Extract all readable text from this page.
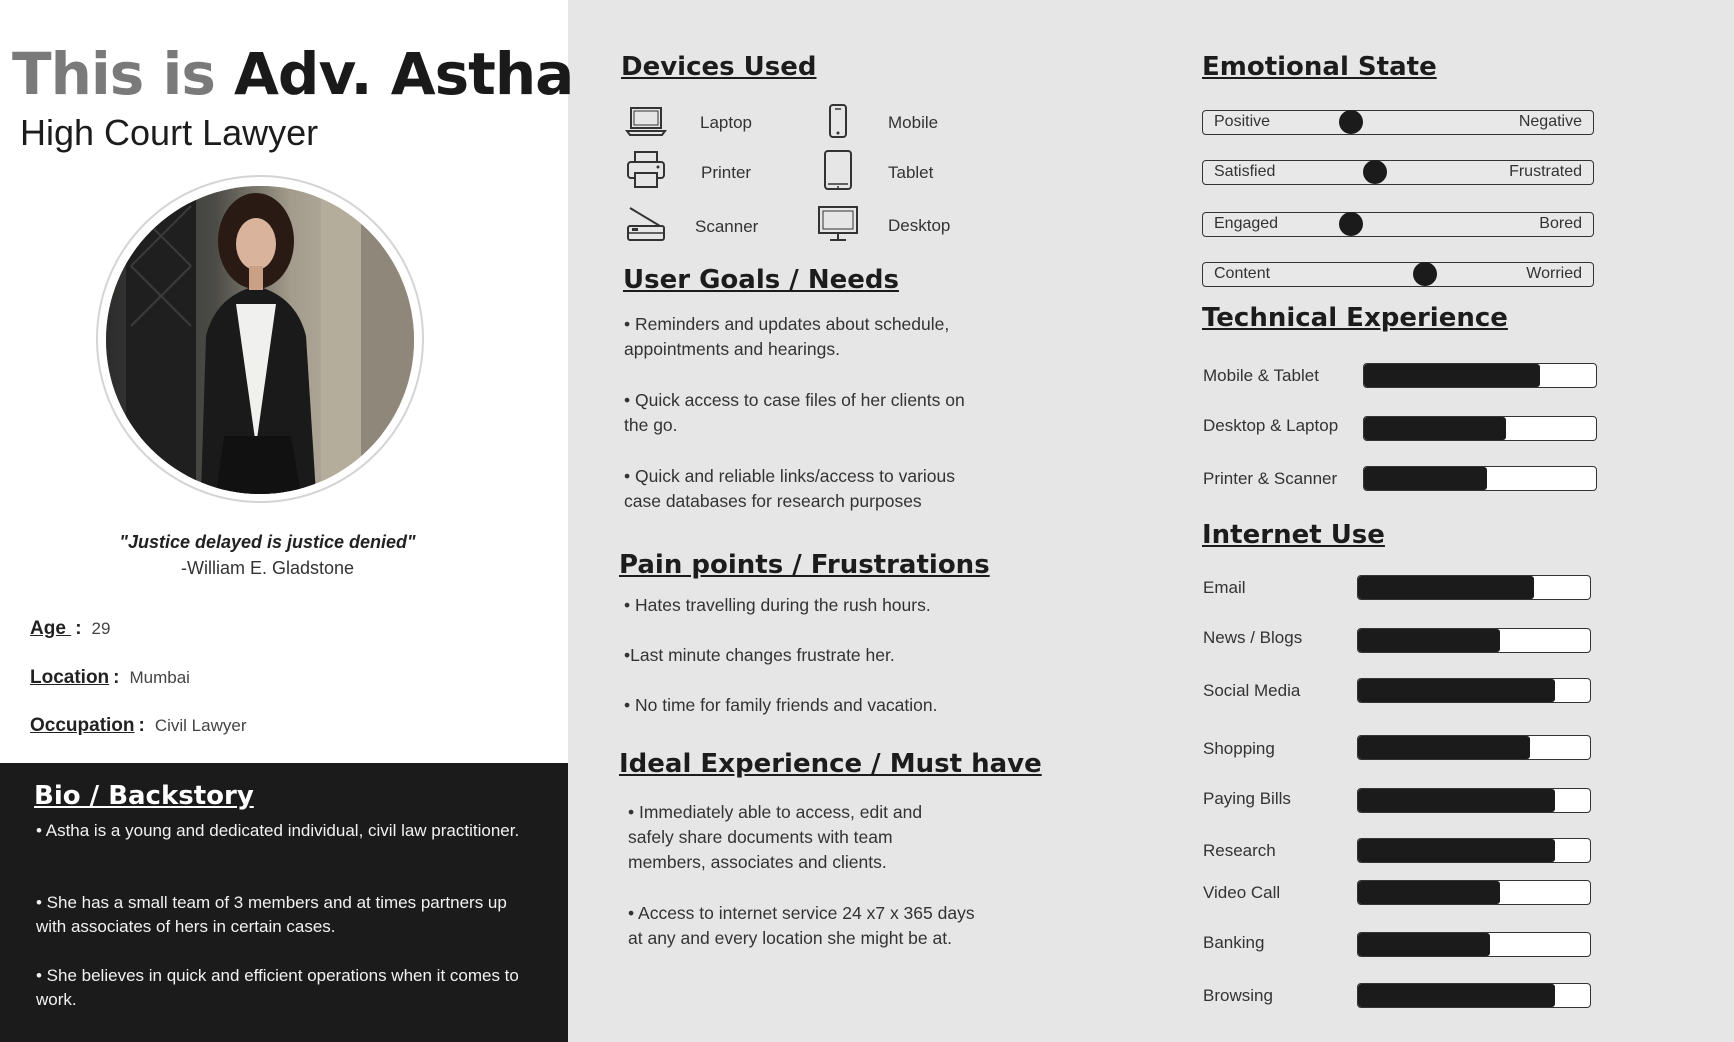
This is Adv. Astha
High Court Lawyer
"Justice delayed is justice denied"
-William E. Gladstone
Age : 29
Location : Mumbai
Occupation : Civil Lawyer
Bio / Backstory

• Astha is a young and dedicated individual, civil law practitioner.

• She has a small team of 3 members and at times partners up with associates of hers in certain cases.

• She believes in quick and efficient operations when it comes to work.

Devices Used
Laptop	Mobile
Printer	Tablet
Scanner	Desktop
User Goals / Needs

• Reminders and updates about schedule, appointments and hearings.

• Quick access to case files of her clients on the go.

• Quick and reliable links/access to various case databases for research purposes

Pain points / Frustrations

• Hates travelling during the rush hours.

•Last minute changes frustrate her.

• No time for family friends and vacation.

Ideal Experience / Must have

• Immediately able to access, edit and safely share documents with team members, associates and clients.

• Access to internet service 24 x7 x 365 days at any and every location she might be at.

Emotional State
Positive	Negative
Satisfied	Frustrated
Engaged	Bored
Content	Worried
Technical Experience
Mobile & Tablet
Desktop & Laptop
Printer & Scanner
Internet Use
Email
News / Blogs
Social Media
Shopping
Paying Bills
Research
Video Call
Banking
Browsing
